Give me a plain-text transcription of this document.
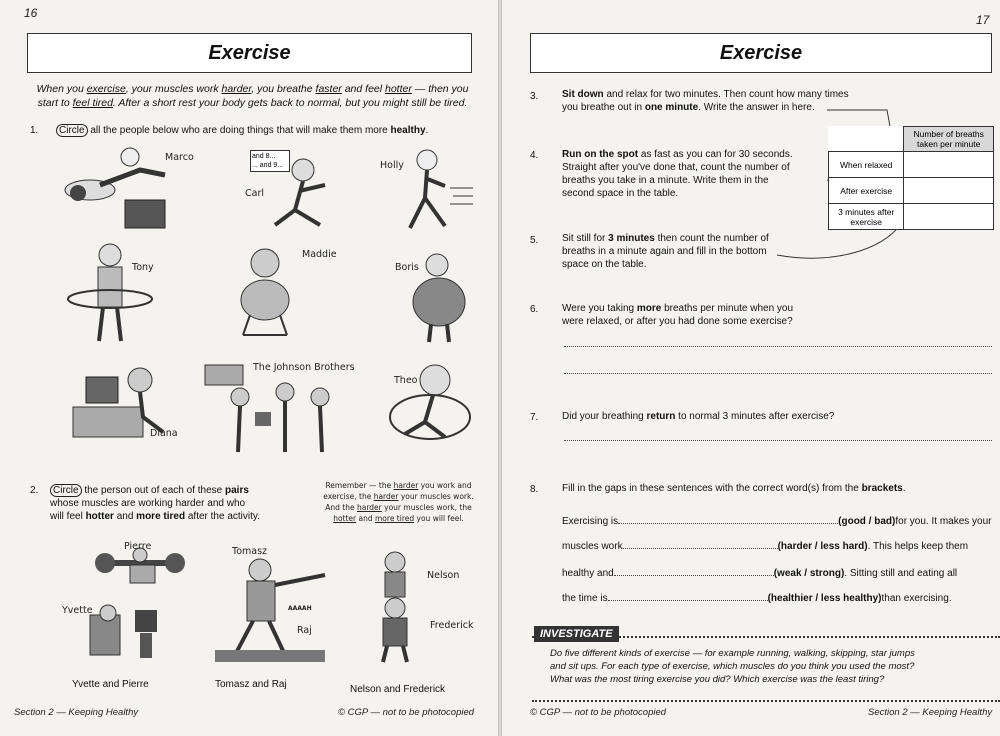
16
Exercise
When you exercise, your muscles work harder, you breathe faster and feel hotter — then you start to feel tired. After a short rest your body gets back to normal, but you might still be tired.
1.	Circle all the people below who are doing things that will make them more healthy.
Marco	and 8...
... and 9...
Carl
Holly
Tony
Maddie
Boris
Diana
The Johnson Brothers
Theo
2.	Circle the person out of each of these pairs
whose muscles are working harder and who
will feel hotter and more tired after the activity.
Remember — the harder you work and
exercise, the harder your muscles work.
And the harder your muscles work, the
hotter and more tired you will feel.
Pierre
Yvette
Tomasz
AAAAH
Raj
Nelson
Frederick
Yvette and Pierre	Tomasz and Raj	Nelson and Frederick
Section 2 — Keeping Healthy	© CGP — not to be photocopied
17
Exercise
3. Sit down and relax for two minutes. Then count how many times
you breathe out in one minute. Write the answer in here.
4. Run on the spot as fast as you can for 30 seconds.
Straight after you've done that, count the number of
breaths you take in a minute. Write them in the
second space in the table.
5. Sit still for 3 minutes then count the number of
breaths in a minute again and fill in the bottom
space on the table.
	Number of breaths taken per minute
When relaxed	
After exercise	
3 minutes after exercise	
6. Were you taking more breaths per minute when you
were relaxed, or after you had done some exercise?
7. Did your breathing return to normal 3 minutes after exercise?
8. Fill in the gaps in these sentences with the correct word(s) from the brackets.
Exercising is	(good / bad) for you. It makes your
muscles work	(harder / less hard) . This helps keep them
healthy and	(weak / strong) . Sitting still and eating all
the time is	(healthier / less healthy) than exercising.
INVESTIGATE
Do five different kinds of exercise — for example running, walking, skipping, star jumps
and sit ups. For each type of exercise, which muscles do you think you used the most?
What was the most tiring exercise you did? Which exercise was the least tiring?
© CGP — not to be photocopied	Section 2 — Keeping Healthy
